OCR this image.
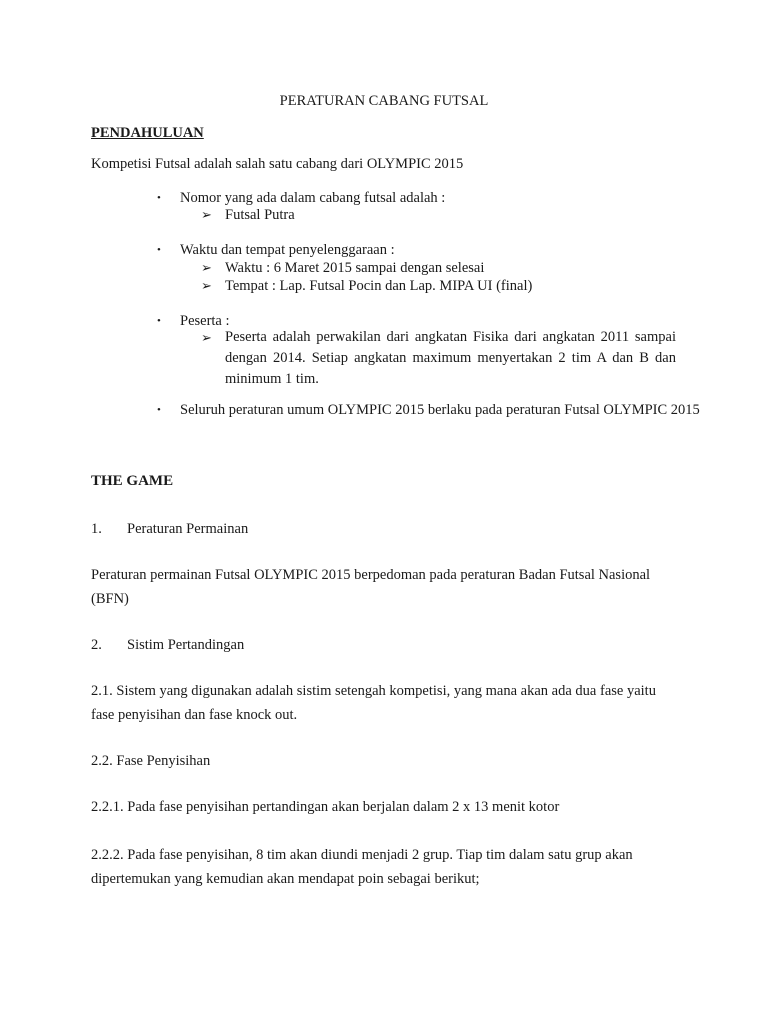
PERATURAN CABANG FUTSAL
PENDAHULUAN
Kompetisi Futsal adalah salah satu cabang dari OLYMPIC 2015
•	Nomor yang ada dalam cabang futsal adalah :
➢ Futsal Putra
•	Waktu dan tempat penyelenggaraan :
➢ Waktu : 6 Maret 2015 sampai dengan selesai
➢ Tempat : Lap. Futsal Pocin dan Lap. MIPA UI (final)
•	Peserta :
➢ Peserta adalah perwakilan dari angkatan Fisika dari angkatan 2011 sampai dengan 2014. Setiap angkatan maximum menyertakan 2 tim A dan B dan minimum 1 tim.
•	Seluruh peraturan umum OLYMPIC 2015 berlaku pada peraturan Futsal OLYMPIC 2015
THE GAME
1. Peraturan Permainan
Peraturan permainan Futsal OLYMPIC 2015 berpedoman pada peraturan Badan Futsal Nasional (BFN)
2. Sistim Pertandingan
2.1. Sistem yang digunakan adalah sistim setengah kompetisi, yang mana akan ada dua fase yaitu fase penyisihan dan fase knock out.
2.2. Fase Penyisihan
2.2.1. Pada fase penyisihan pertandingan akan berjalan dalam 2 x 13 menit kotor
2.2.2. Pada fase penyisihan, 8 tim akan diundi menjadi 2 grup. Tiap tim dalam satu grup akan dipertemukan yang kemudian akan mendapat poin sebagai berikut;
